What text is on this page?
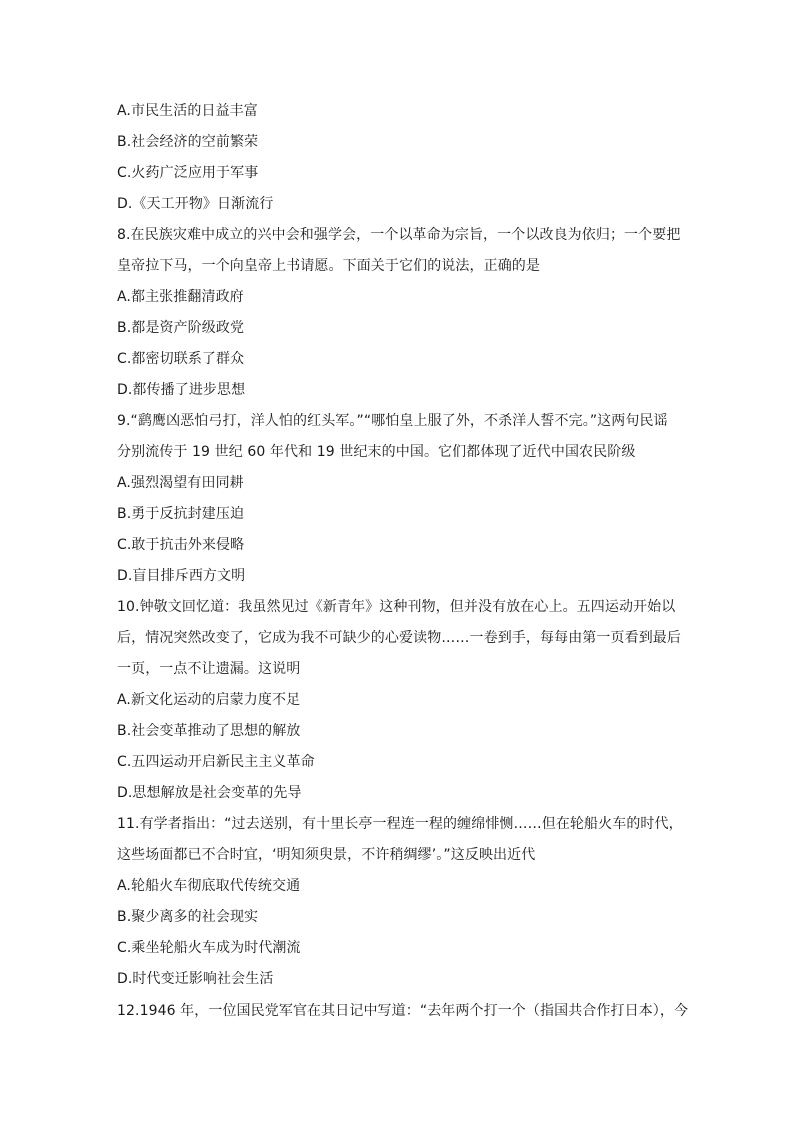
A.市民生活的日益丰富
B.社会经济的空前繁荣
C.火药广泛应用于军事
D.《天工开物》日渐流行
8.在民族灾难中成立的兴中会和强学会，一个以革命为宗旨，一个以改良为依归；一个要把
皇帝拉下马，一个向皇帝上书请愿。下面关于它们的说法，正确的是
A.都主张推翻清政府
B.都是资产阶级政党
C.都密切联系了群众
D.都传播了进步思想
9.“鹞鹰凶恶怕弓打，洋人怕的红头军。”“哪怕皇上服了外，不杀洋人誓不完。”这两句民谣
分别流传于 19 世纪 60 年代和 19 世纪末的中国。它们都体现了近代中国农民阶级
A.强烈渴望有田同耕
B.勇于反抗封建压迫
C.敢于抗击外来侵略
D.盲目排斥西方文明
10.钟敬文回忆道：我虽然见过《新青年》这种刊物，但并没有放在心上。五四运动开始以
后，情况突然改变了，它成为我不可缺少的心爱读物……一卷到手，每每由第一页看到最后
一页，一点不让遗漏。这说明
A.新文化运动的启蒙力度不足
B.社会变革推动了思想的解放
C.五四运动开启新民主主义革命
D.思想解放是社会变革的先导
11.有学者指出：“过去送别，有十里长亭一程连一程的缠绵悱恻……但在轮船火车的时代，
这些场面都已不合时宜，‘明知须臾景，不许稍绸缪’。”这反映出近代
A.轮船火车彻底取代传统交通
B.聚少离多的社会现实
C.乘坐轮船火车成为时代潮流
D.时代变迁影响社会生活
12.1946 年，一位国民党军官在其日记中写道：“去年两个打一个（指国共合作打日本），今
